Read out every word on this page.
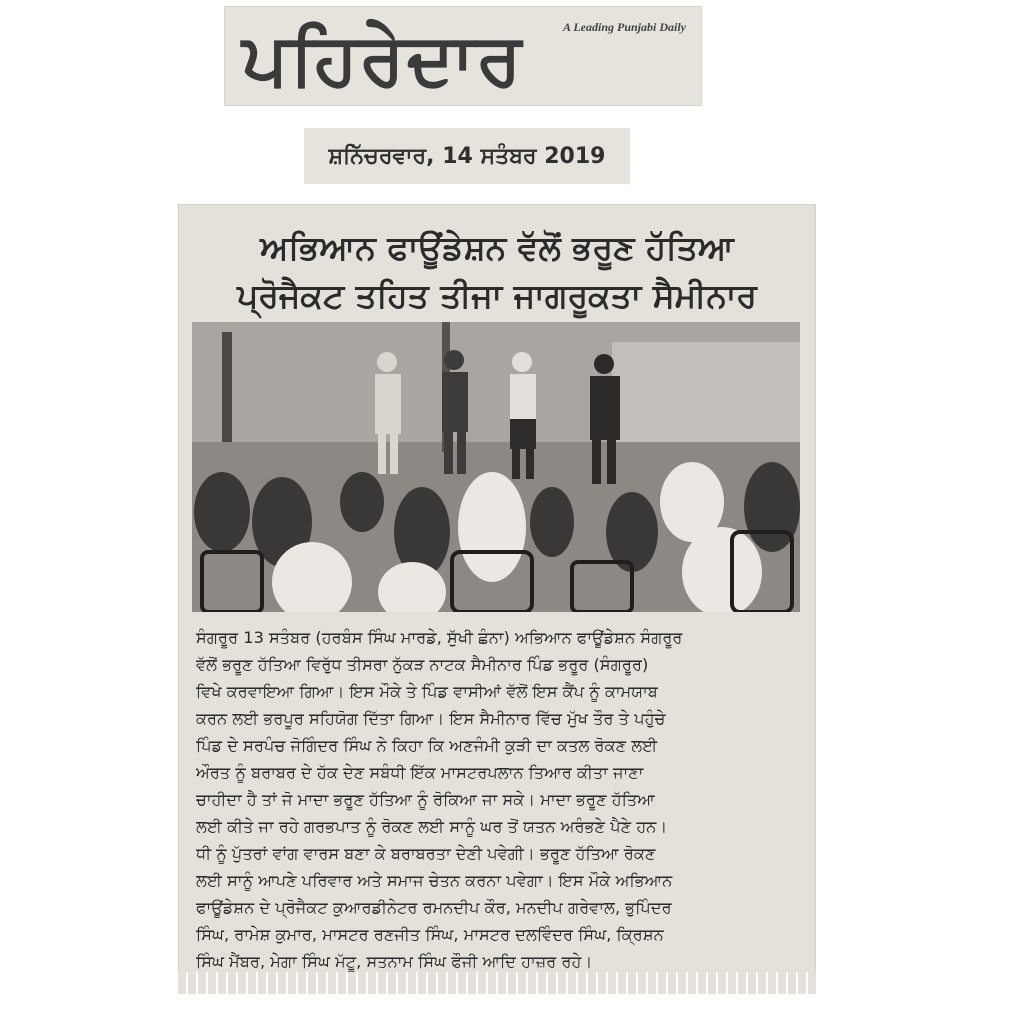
ਪਹਿਰੇਦਾਰ	A Leading Punjabi Daily
ਸ਼ਨਿੱਚਰਵਾਰ, 14 ਸਤੰਬਰ 2019
ਅਭਿਆਨ ਫਾਊਂਡੇਸ਼ਨ ਵੱਲੋਂ ਭਰੂਣ ਹੱਤਿਆ
ਪ੍ਰੋਜੈਕਟ ਤਹਿਤ ਤੀਜਾ ਜਾਗਰੂਕਤਾ ਸੈਮੀਨਾਰ
ਸੰਗਰੂਰ 13 ਸਤੰਬਰ (ਹਰਬੰਸ ਸਿੰਘ ਮਾਰਡੇ, ਸੁੱਖੀ ਛੰਨਾ) ਅਭਿਆਨ ਫਾਊਂਡੇਸ਼ਨ ਸੰਗਰੂਰ
ਵੱਲੋਂ ਭਰੂਣ ਹੱਤਿਆ ਵਿਰੁੱਧ ਤੀਸਰਾ ਨੁੱਕੜ ਨਾਟਕ ਸੈਮੀਨਾਰ ਪਿੰਡ ਭਰੂਰ (ਸੰਗਰੂਰ)
ਵਿਖੇ ਕਰਵਾਇਆ ਗਿਆ। ਇਸ ਮੌਕੇ ਤੇ ਪਿੰਡ ਵਾਸੀਆਂ ਵੱਲੋਂ ਇਸ ਕੈਂਪ ਨੂੰ ਕਾਮਯਾਬ
ਕਰਨ ਲਈ ਭਰਪੂਰ ਸਹਿਯੋਗ ਦਿੱਤਾ ਗਿਆ। ਇਸ ਸੈਮੀਨਾਰ ਵਿੱਚ ਮੁੱਖ ਤੌਰ ਤੇ ਪਹੁੰਚੇ
ਪਿੰਡ ਦੇ ਸਰਪੰਚ ਜੋਗਿੰਦਰ ਸਿੰਘ ਨੇ ਕਿਹਾ ਕਿ ਅਣਜੰਮੀ ਕੁੜੀ ਦਾ ਕਤਲ ਰੋਕਣ ਲਈ
ਔਰਤ ਨੂੰ ਬਰਾਬਰ ਦੇ ਹੱਕ ਦੇਣ ਸਬੰਧੀ ਇੱਕ ਮਾਸਟਰਪਲਾਨ ਤਿਆਰ ਕੀਤਾ ਜਾਣਾ
ਚਾਹੀਦਾ ਹੈ ਤਾਂ ਜੋ ਮਾਦਾ ਭਰੂਣ ਹੱਤਿਆ ਨੂੰ ਰੋਕਿਆ ਜਾ ਸਕੇ। ਮਾਦਾ ਭਰੂਣ ਹੱਤਿਆ
ਲਈ ਕੀਤੇ ਜਾ ਰਹੇ ਗਰਭਪਾਤ ਨੂੰ ਰੋਕਣ ਲਈ ਸਾਨੂੰ ਘਰ ਤੋਂ ਯਤਨ ਅਰੰਭਣੇ ਪੈਣੇ ਹਨ।
ਧੀ ਨੂੰ ਪੁੱਤਰਾਂ ਵਾਂਗ ਵਾਰਸ ਬਣਾ ਕੇ ਬਰਾਬਰਤਾ ਦੇਣੀ ਪਵੇਗੀ। ਭਰੂਣ ਹੱਤਿਆ ਰੋਕਣ
ਲਈ ਸਾਨੂੰ ਆਪਣੇ ਪਰਿਵਾਰ ਅਤੇ ਸਮਾਜ ਚੇਤਨ ਕਰਨਾ ਪਵੇਗਾ। ਇਸ ਮੌਕੇ ਅਭਿਆਨ
ਫਾਊਂਡੇਸ਼ਨ ਦੇ ਪ੍ਰੋਜੈਕਟ ਕੁਆਰਡੀਨੇਟਰ ਰਮਨਦੀਪ ਕੌਰ, ਮਨਦੀਪ ਗਰੇਵਾਲ, ਭੁਪਿੰਦਰ
ਸਿੰਘ, ਰਾਮੇਸ਼ ਕੁਮਾਰ, ਮਾਸਟਰ ਰਣਜੀਤ ਸਿੰਘ, ਮਾਸਟਰ ਦਲਵਿੰਦਰ ਸਿੰਘ, ਕ੍ਰਿਸ਼ਨ
ਸਿੰਘ ਮੈਂਬਰ, ਮੇਗਾ ਸਿੰਘ ਮੱਟੂ, ਸਤਨਾਮ ਸਿੰਘ ਫੌਜੀ ਆਦਿ ਹਾਜ਼ਰ ਰਹੇ।
